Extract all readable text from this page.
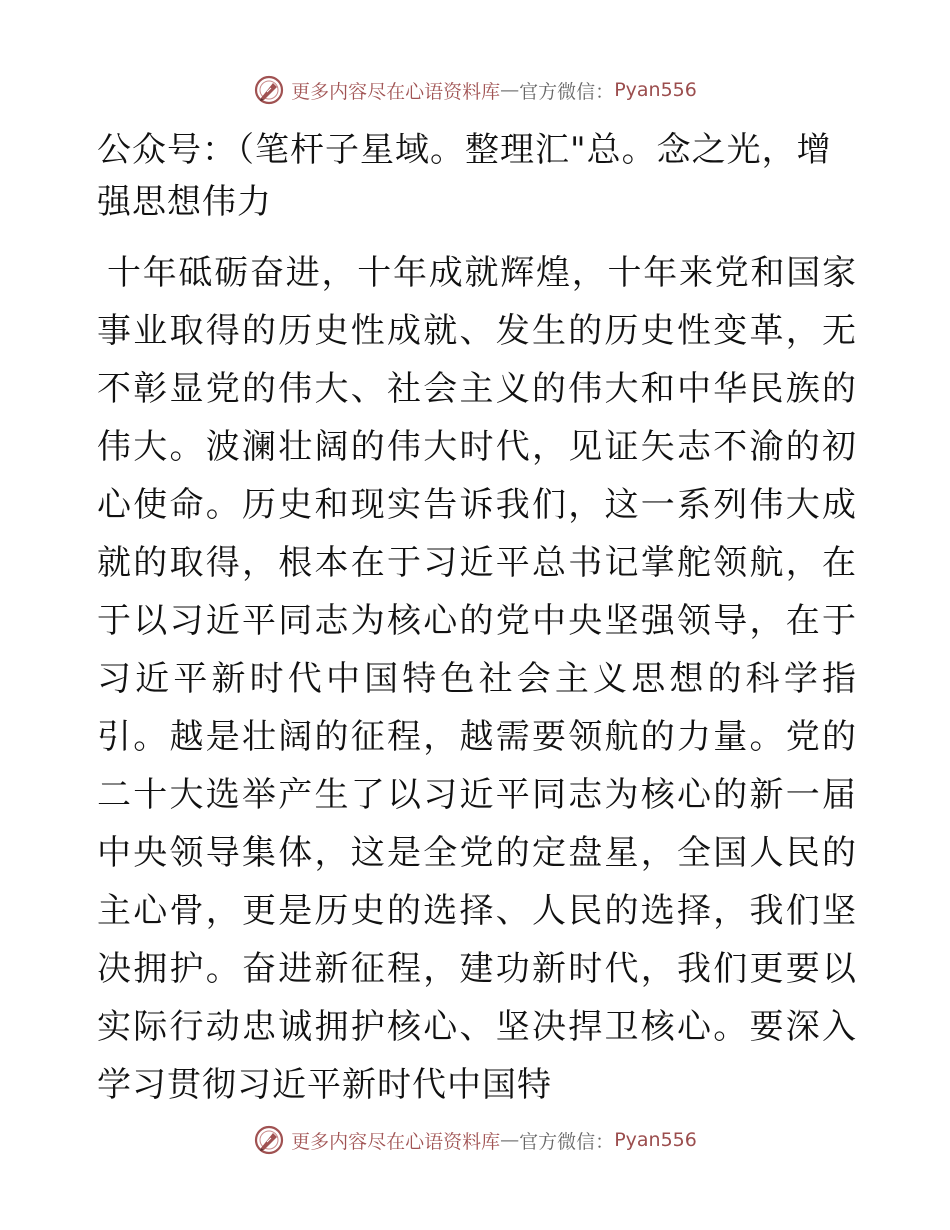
更多内容尽在心语资料库 — 官方微信： Pyan556
公众号：（笔杆子星域。整理汇"总。念之光，增强思想伟力

十年砥砺奋进，十年成就辉煌，十年来党和国家事业取得的历史性成就、发生的历史性变革，无不彰显党的伟大、社会主义的伟大和中华民族的伟大。波澜壮阔的伟大时代，见证矢志不渝的初心使命。历史和现实告诉我们，这一系列伟大成就的取得，根本在于习近平总书记掌舵领航，在于以习近平同志为核心的党中央坚强领导，在于习近平新时代中国特色社会主义思想的科学指引。越是壮阔的征程，越需要领航的力量。党的二十大选举产生了以习近平同志为核心的新一届中央领导集体，这是全党的定盘星，全国人民的主心骨，更是历史的选择、人民的选择，我们坚决拥护。奋进新征程，建功新时代，我们更要以实际行动忠诚拥护核心、坚决捍卫核心。要深入学习贯彻习近平新时代中国特

更多内容尽在心语资料库 — 官方微信： Pyan556
